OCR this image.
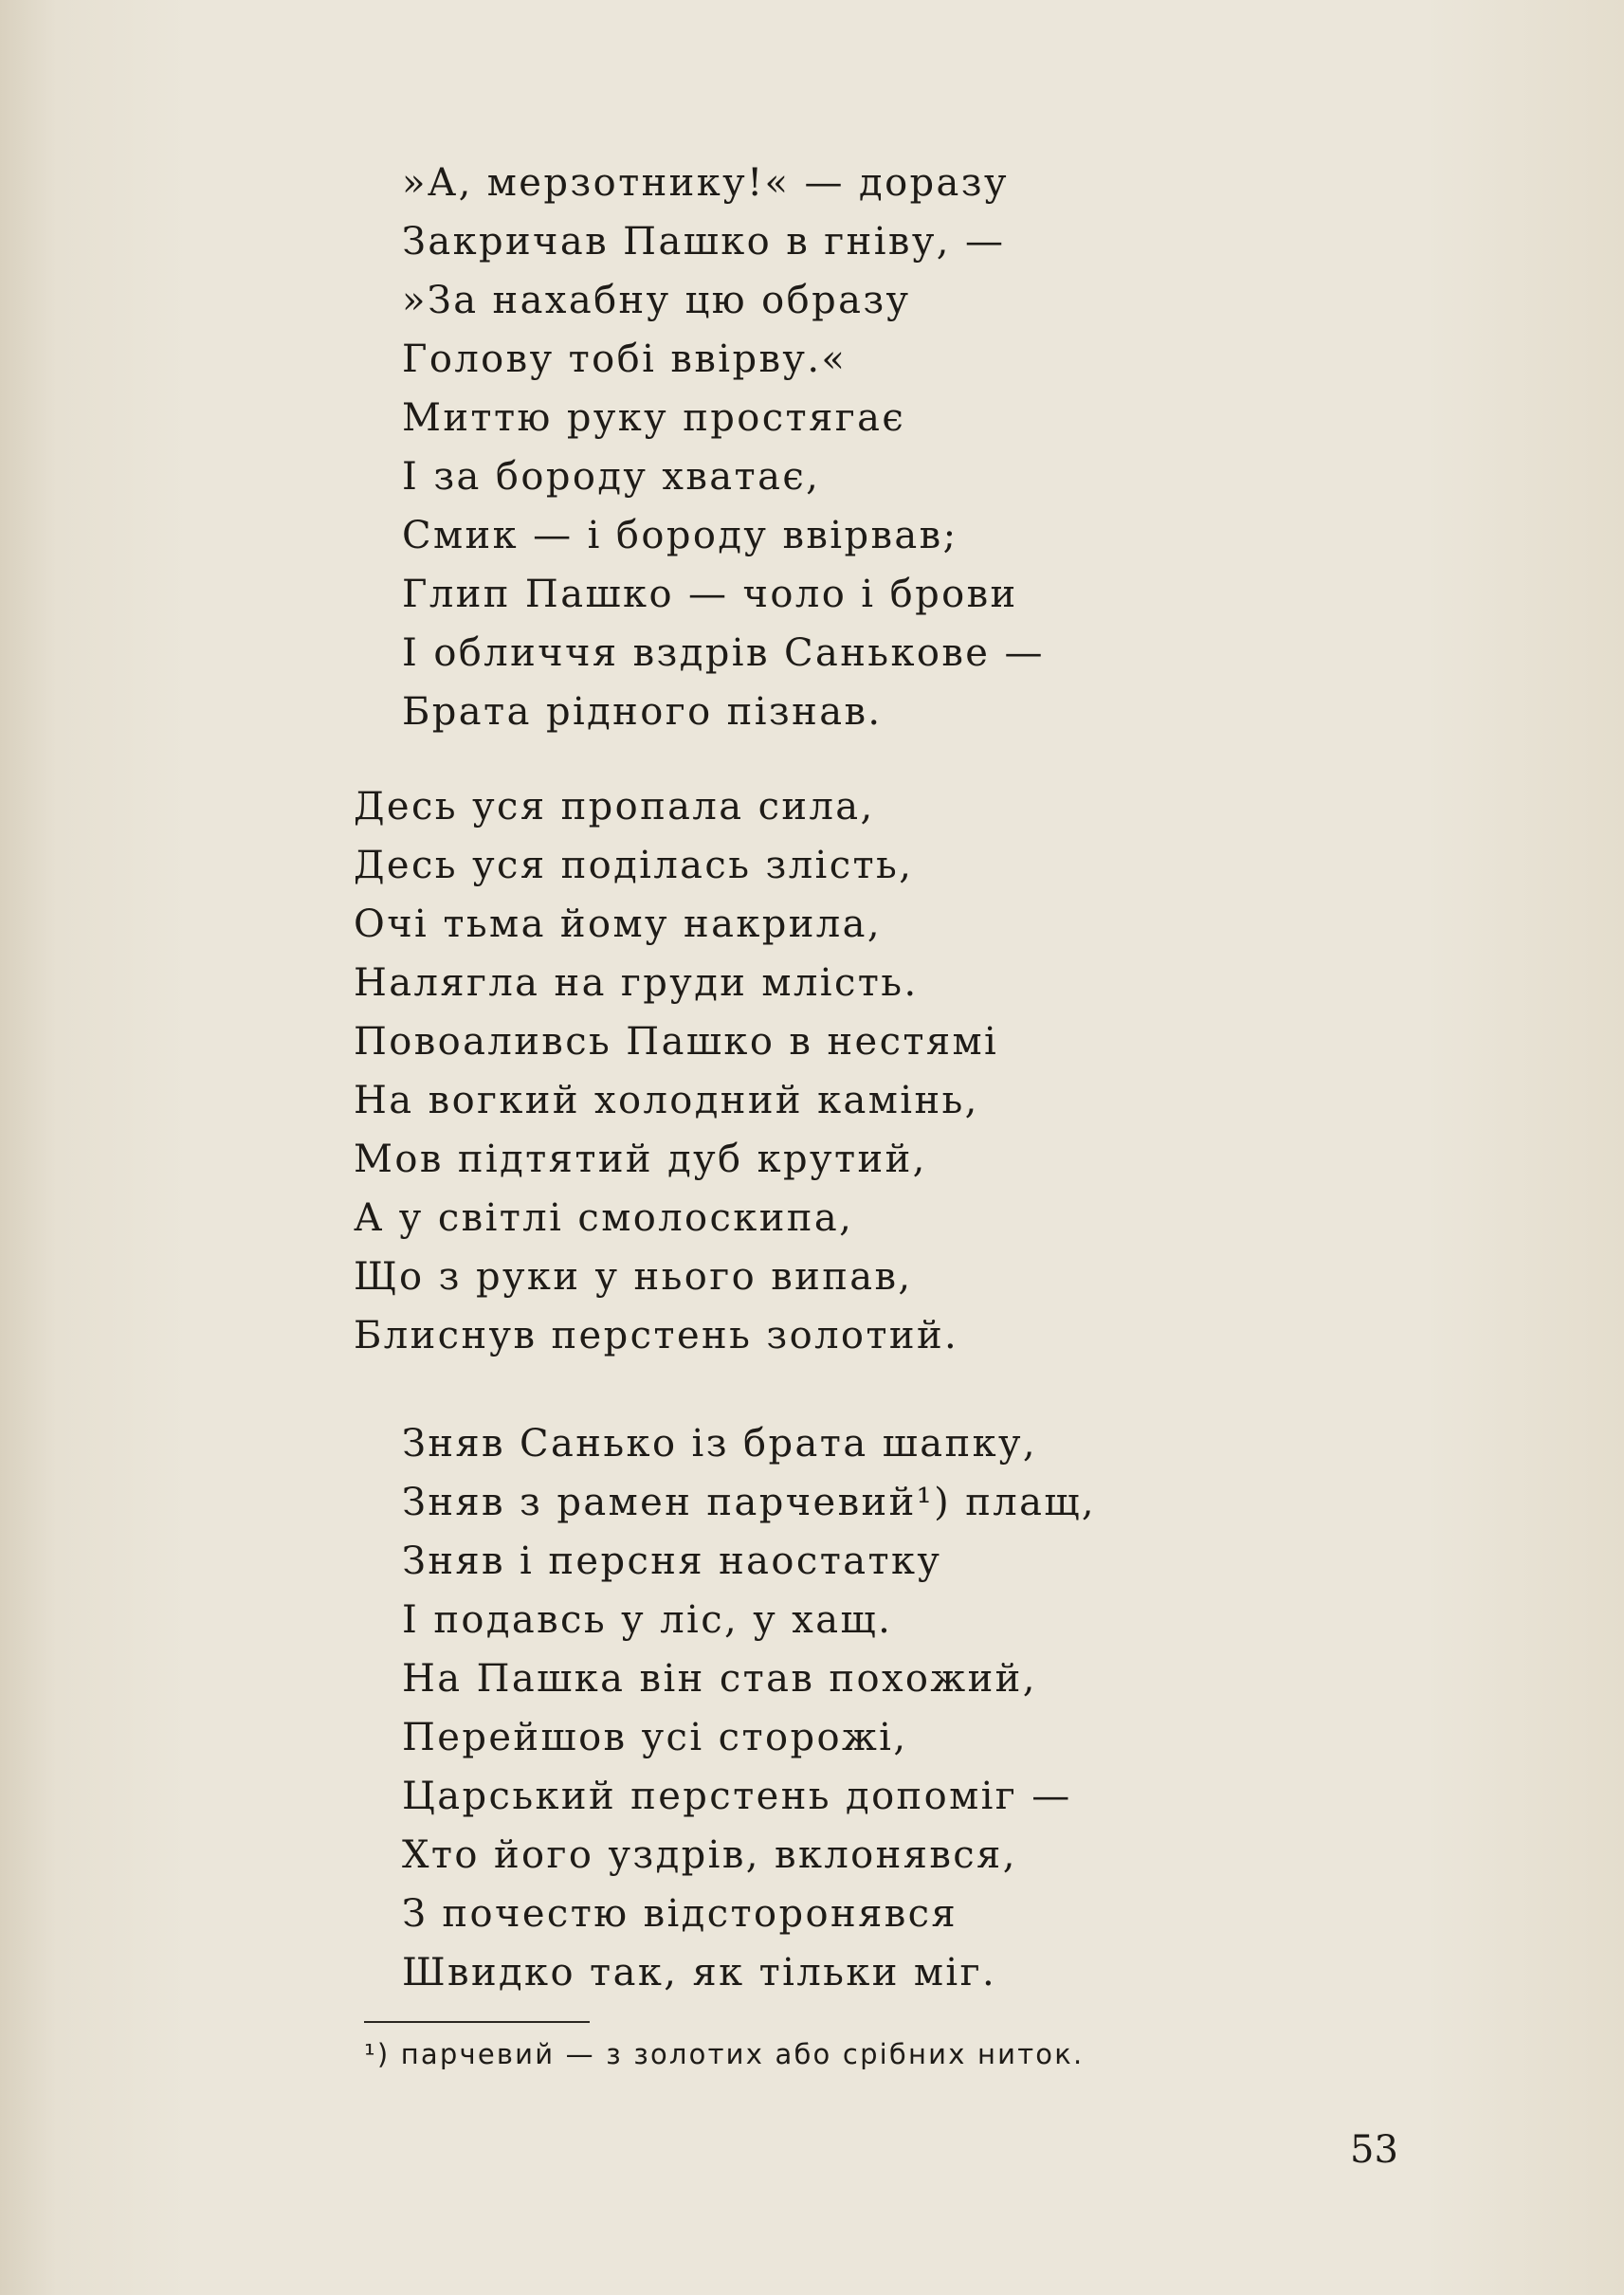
»А, мерзотнику!« — доразу
Закричав Пашко в гніву, —
»За нахабну цю образу
Голову тобі ввірву.«
Миттю руку простягає
І за бороду хватає,
Смик — і бороду ввірвав;
Глип Пашко — чоло і брови
І обличчя вздрів Санькове —
Брата рідного пізнав.
Десь уся пропала сила,
Десь уся поділась злість,
Очі тьма йому накрила,
Налягла на груди млість.
Повоаливсь Пашко в нестямі
На вогкий холодний камінь,
Мов підтятий дуб крутий,
А у світлі смолоскипа,
Що з руки у нього випав,
Блиснув перстень золотий.
Зняв Санько із брата шапку,
Зняв з рамен парчевий¹) плащ,
Зняв і персня наостатку
І подавсь у ліс, у хащ.
На Пашка він став похожий,
Перейшов усі сторожі,
Царський перстень допоміг —
Хто його уздрів, вклонявся,
З почестю відсторонявся
Швидко так, як тільки міг.
¹) парчевий — з золотих або срібних ниток.
53
